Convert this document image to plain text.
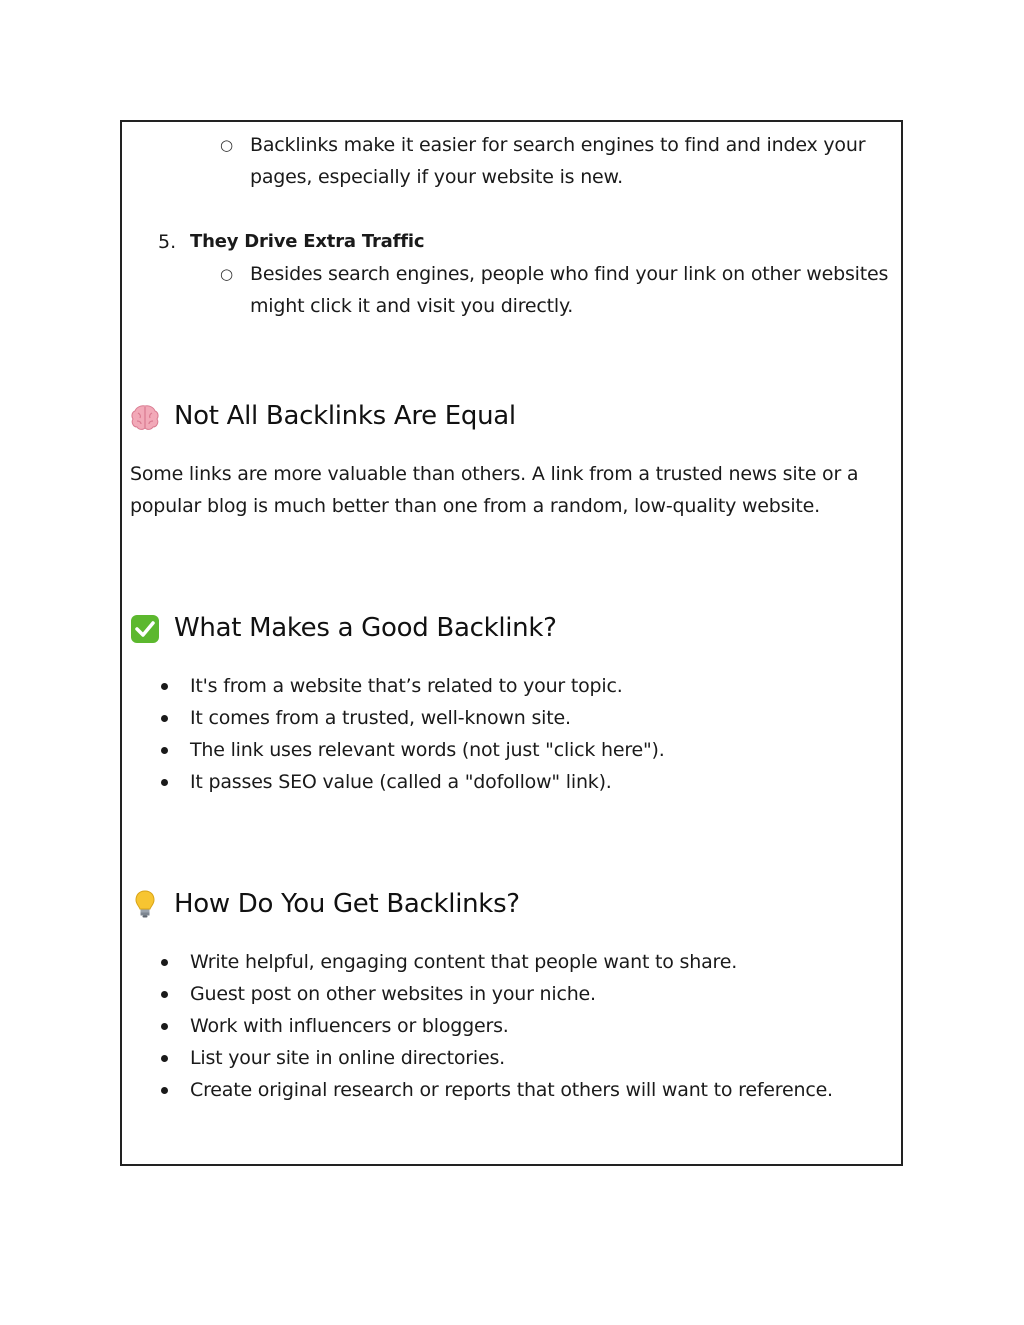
○ Backlinks make it easier for search engines to find and index your
pages, especially if your website is new.
5. They Drive Extra Traffic
○ Besides search engines, people who find your link on other websites
might click it and visit you directly.
Not All Backlinks Are Equal
Some links are more valuable than others. A link from a trusted news site or a
popular blog is much better than one from a random, low-quality website.
What Makes a Good Backlink?
It's from a website that’s related to your topic.
It comes from a trusted, well-known site.
The link uses relevant words (not just "click here").
It passes SEO value (called a "dofollow" link).
How Do You Get Backlinks?
Write helpful, engaging content that people want to share.
Guest post on other websites in your niche.
Work with influencers or bloggers.
List your site in online directories.
Create original research or reports that others will want to reference.
